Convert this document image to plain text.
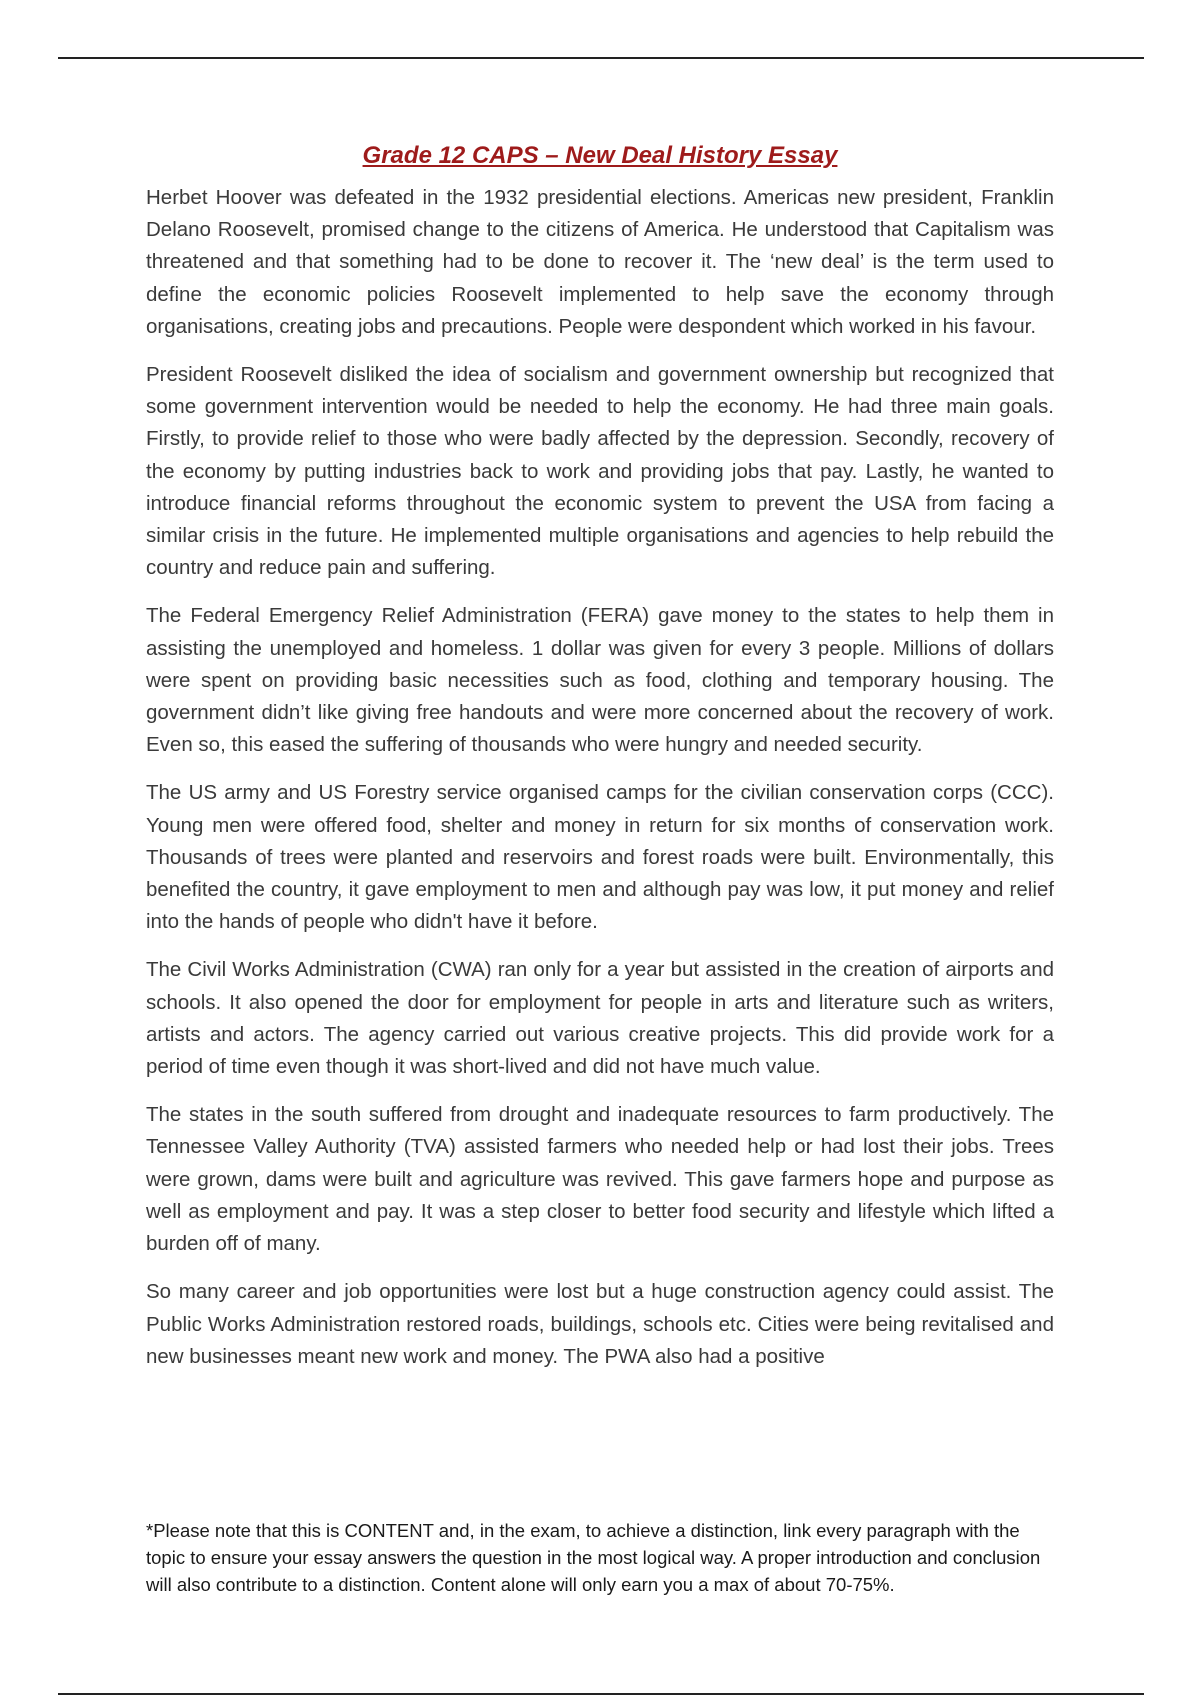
Grade 12 CAPS – New Deal History Essay

Herbet Hoover was defeated in the 1932 presidential elections. Americas new president, Franklin Delano Roosevelt, promised change to the citizens of America. He understood that Capitalism was threatened and that something had to be done to recover it. The ‘new deal’ is the term used to define the economic policies Roosevelt implemented to help save the economy through organisations, creating jobs and precautions. People were despondent which worked in his favour.

President Roosevelt disliked the idea of socialism and government ownership but recognized that some government intervention would be needed to help the economy. He had three main goals. Firstly, to provide relief to those who were badly affected by the depression. Secondly, recovery of the economy by putting industries back to work and providing jobs that pay. Lastly, he wanted to introduce financial reforms throughout the economic system to prevent the USA from facing a similar crisis in the future. He implemented multiple organisations and agencies to help rebuild the country and reduce pain and suffering.

The Federal Emergency Relief Administration (FERA) gave money to the states to help them in assisting the unemployed and homeless. 1 dollar was given for every 3 people. Millions of dollars were spent on providing basic necessities such as food, clothing and temporary housing. The government didn’t like giving free handouts and were more concerned about the recovery of work. Even so, this eased the suffering of thousands who were hungry and needed security.

The US army and US Forestry service organised camps for the civilian conservation corps (CCC). Young men were offered food, shelter and money in return for six months of conservation work. Thousands of trees were planted and reservoirs and forest roads were built. Environmentally, this benefited the country, it gave employment to men and although pay was low, it put money and relief into the hands of people who didn't have it before.

The Civil Works Administration (CWA) ran only for a year but assisted in the creation of airports and schools. It also opened the door for employment for people in arts and literature such as writers, artists and actors. The agency carried out various creative projects. This did provide work for a period of time even though it was short-lived and did not have much value.

The states in the south suffered from drought and inadequate resources to farm productively. The Tennessee Valley Authority (TVA) assisted farmers who needed help or had lost their jobs. Trees were grown, dams were built and agriculture was revived. This gave farmers hope and purpose as well as employment and pay. It was a step closer to better food security and lifestyle which lifted a burden off of many.

So many career and job opportunities were lost but a huge construction agency could assist. The Public Works Administration restored roads, buildings, schools etc. Cities were being revitalised and new businesses meant new work and money. The PWA also had a positive

*Please note that this is CONTENT and, in the exam, to achieve a distinction, link every paragraph with the topic to ensure your essay answers the question in the most logical way. A proper introduction and conclusion will also contribute to a distinction. Content alone will only earn you a max of about 70-75%.
